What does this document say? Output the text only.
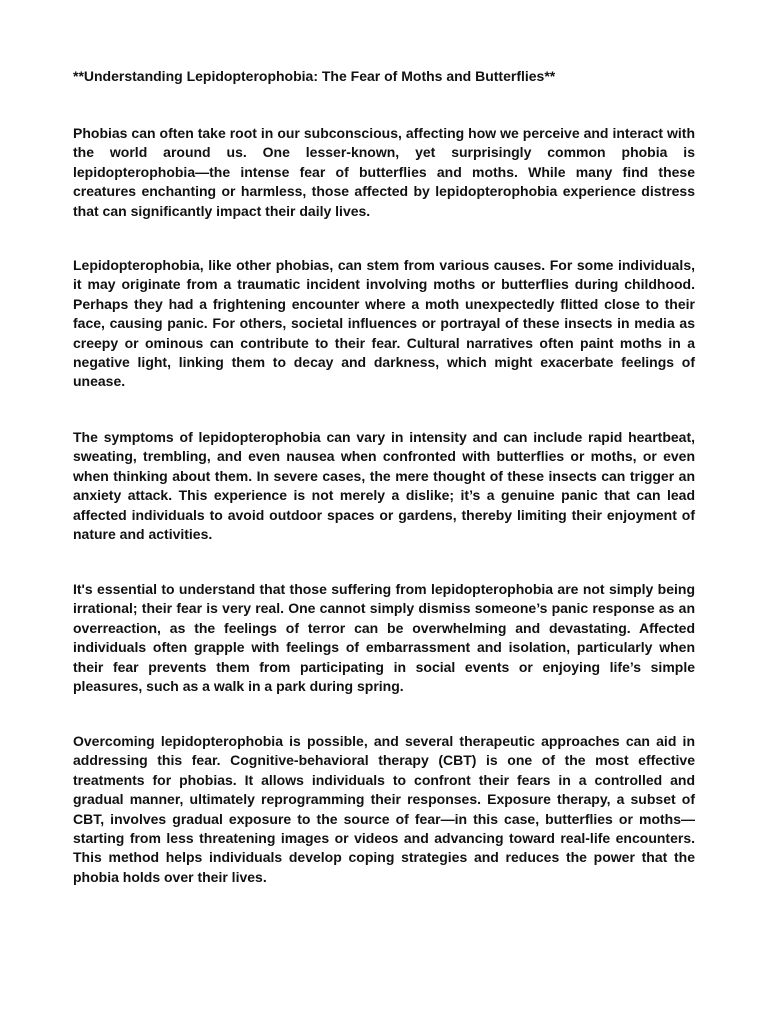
**Understanding Lepidopterophobia: The Fear of Moths and Butterflies**

Phobias can often take root in our subconscious, affecting how we perceive and interact with the world around us. One lesser-known, yet surprisingly common phobia is lepidopterophobia—the intense fear of butterflies and moths. While many find these creatures enchanting or harmless, those affected by lepidopterophobia experience distress that can significantly impact their daily lives.

Lepidopterophobia, like other phobias, can stem from various causes. For some individuals, it may originate from a traumatic incident involving moths or butterflies during childhood. Perhaps they had a frightening encounter where a moth unexpectedly flitted close to their face, causing panic. For others, societal influences or portrayal of these insects in media as creepy or ominous can contribute to their fear. Cultural narratives often paint moths in a negative light, linking them to decay and darkness, which might exacerbate feelings of unease.

The symptoms of lepidopterophobia can vary in intensity and can include rapid heartbeat, sweating, trembling, and even nausea when confronted with butterflies or moths, or even when thinking about them. In severe cases, the mere thought of these insects can trigger an anxiety attack. This experience is not merely a dislike; it’s a genuine panic that can lead affected individuals to avoid outdoor spaces or gardens, thereby limiting their enjoyment of nature and activities.

It's essential to understand that those suffering from lepidopterophobia are not simply being irrational; their fear is very real. One cannot simply dismiss someone’s panic response as an overreaction, as the feelings of terror can be overwhelming and devastating. Affected individuals often grapple with feelings of embarrassment and isolation, particularly when their fear prevents them from participating in social events or enjoying life’s simple pleasures, such as a walk in a park during spring.

Overcoming lepidopterophobia is possible, and several therapeutic approaches can aid in addressing this fear. Cognitive-behavioral therapy (CBT) is one of the most effective treatments for phobias. It allows individuals to confront their fears in a controlled and gradual manner, ultimately reprogramming their responses. Exposure therapy, a subset of CBT, involves gradual exposure to the source of fear—in this case, butterflies or moths—starting from less threatening images or videos and advancing toward real-life encounters. This method helps individuals develop coping strategies and reduces the power that the phobia holds over their lives.
